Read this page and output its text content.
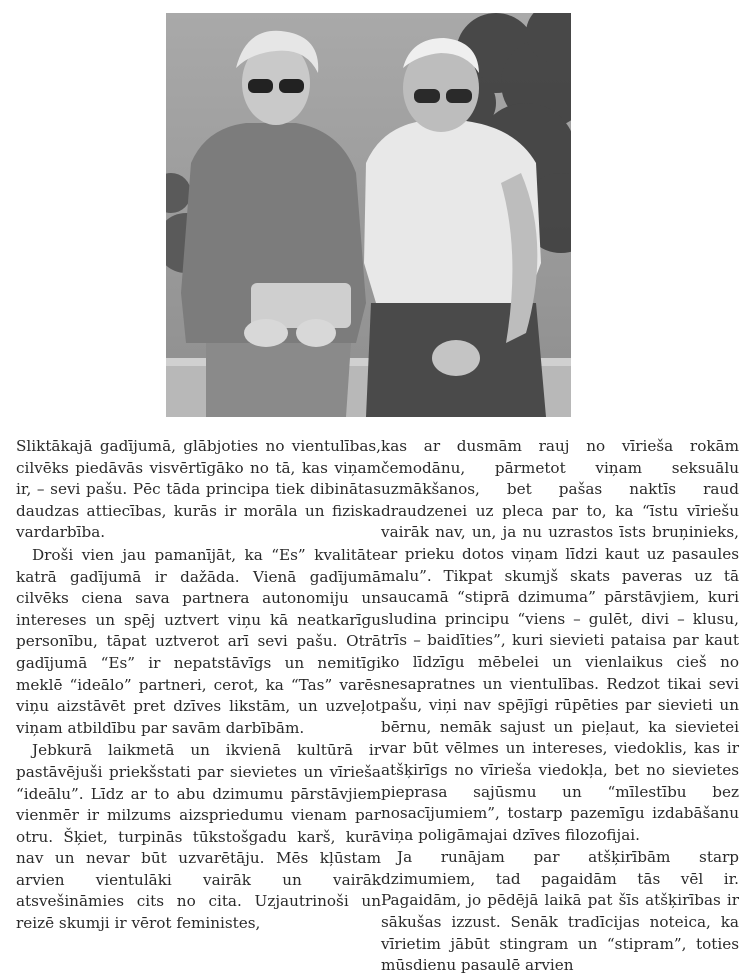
Sliktākajā gadījumā, glābjoties no vientulības, cilvēks piedāvās visvērtīgāko no tā, kas viņam ir, – sevi pašu. Pēc tāda principa tiek dibinātas daudzas attiecības, kurās ir morāla un fiziska vardarbība.

Droši vien jau pamanījāt, ka “Es” kvalitāte katrā gadījumā ir dažāda. Vienā gadījumā cilvēks ciena sava partnera autonomiju un intereses un spēj uztvert viņu kā neatkarīgu personību, tāpat uztverot arī sevi pašu. Otrā gadījumā “Es” ir nepatstāvīgs un nemitīgi meklē “ideālo” partneri, cerot, ka “Tas” varēs viņu aizstāvēt pret dzīves likstām, un uzveļot viņam atbildību par savām darbībām.

Jebkurā laikmetā un ikvienā kultūrā ir pastāvējuši priekšstati par sievietes un vīrieša “ideālu”. Līdz ar to abu dzimumu pārstāvjiem vienmēr ir milzums aizspriedumu vienam par otru. Šķiet, turpinās tūkstošgadu karš, kurā nav un nevar būt uzvarētāju. Mēs kļūstam arvien vientulāki vairāk un vairāk atsvešināmies cits no cita. Uzjautrinoši un reizē skumji ir vērot feministes,

kas ar dusmām rauj no vīrieša rokām čemodānu, pārmetot viņam seksuālu uzmākšanos, bet pašas naktīs raud draudzenei uz pleca par to, ka “īstu vīriešu vairāk nav, un, ja nu uzrastos īsts bruņinieks, ar prieku dotos viņam līdzi kaut uz pasaules malu”. Tikpat skumjš skats paveras uz tā saucamā “stiprā dzimuma” pārstāvjiem, kuri sludina principu “viens – gulēt, divi – klusu, trīs – baidīties”, kuri sievieti pataisa par kaut ko līdzīgu mēbelei un vienlaikus cieš no nesapratnes un vientulības. Redzot tikai sevi pašu, viņi nav spējīgi rūpēties par sievieti un bērnu, nemāk sajust un pieļaut, ka sievietei var būt vēlmes un intereses, viedoklis, kas ir atšķirīgs no vīrieša viedokļa, bet no sievietes pieprasa sajūsmu un “mīlestību bez nosacījumiem”, tostarp pazemīgu izdabāšanu viņa poligāmajai dzīves filozofijai.

Ja runājam par atšķirībām starp dzimumiem, tad pagaidām tās vēl ir. Pagaidām, jo pēdējā laikā pat šīs atšķirības ir sākušas izzust. Senāk tradīcijas noteica, ka vīrietim jābūt stingram un “stipram”, toties mūsdienu pasaulē arvien
